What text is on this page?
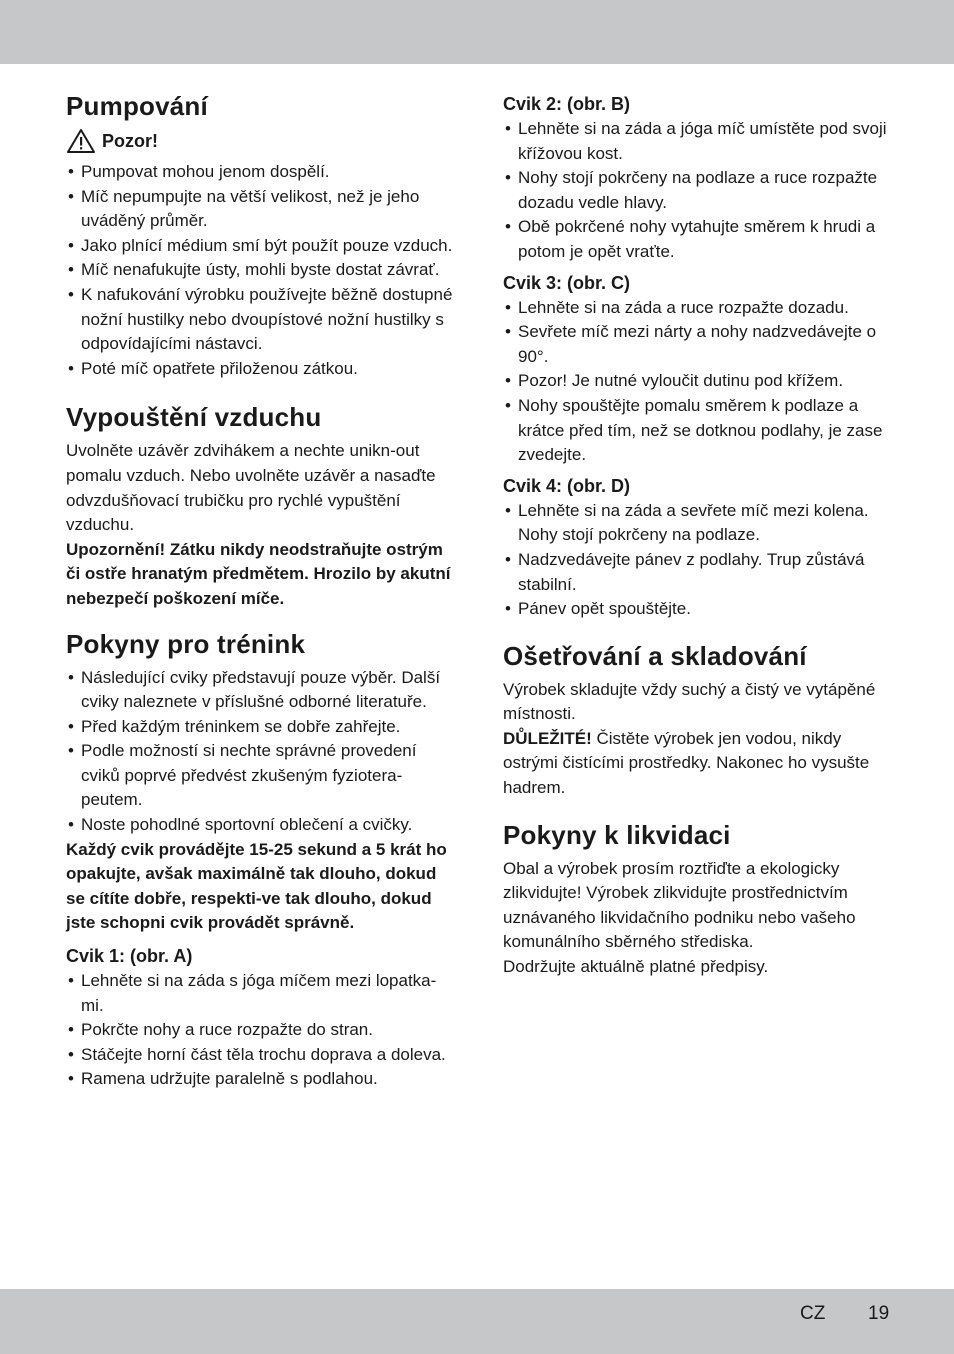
Pumpování
Pozor!
• Pumpovat mohou jenom dospělí.
• Míč nepumpujte na větší velikost, než je jeho uváděný průměr.
• Jako plnící médium smí být použít pouze vzduch.
• Míč nenafukujte ústy, mohli byste dostat závrať.
• K nafukování výrobku používejte běžně dostupné nožní hustilky nebo dvoupístové nožní hustilky s odpovídajícími nástavci.
• Poté míč opatřete přiloženou zátkou.
Vypouštění vzduchu

Uvolněte uzávěr zdvihákem a nechte unikn-out pomalu vzduch. Nebo uvolněte uzávěr a nasaďte odvzdušňovací trubičku pro rychlé vypuštění vzduchu.

Upozornění! Zátku nikdy neodstraňujte ostrým či ostře hranatým předmětem. Hrozilo by akutní nebezpečí poškození míče.

Pokyny pro trénink
• Následující cviky představují pouze výběr. Další cviky naleznete v příslušné odborné literatuře.
• Před každým tréninkem se dobře zahřejte.
• Podle možností si nechte správné provedení cviků poprvé předvést zkušeným fyziotera-peutem.
• Noste pohodlné sportovní oblečení a cvičky.

Každý cvik provádějte 15-25 sekund a 5 krát ho opakujte, avšak maximálně tak dlouho, dokud se cítíte dobře, respekti-ve tak dlouho, dokud jste schopni cvik provádět správně.

Cvik 1: (obr. A)
• Lehněte si na záda s jóga míčem mezi lopatka-mi.
• Pokrčte nohy a ruce rozpažte do stran.
• Stáčejte horní část těla trochu doprava a doleva.
• Ramena udržujte paralelně s podlahou.
Cvik 2: (obr. B)
• Lehněte si na záda a jóga míč umístěte pod svoji křížovou kost.
• Nohy stojí pokrčeny na podlaze a ruce rozpažte dozadu vedle hlavy.
• Obě pokrčené nohy vytahujte směrem k hrudi a potom je opět vraťte.
Cvik 3: (obr. C)
• Lehněte si na záda a ruce rozpažte dozadu.
• Sevřete míč mezi nárty a nohy nadzvedávejte o 90°.
• Pozor! Je nutné vyloučit dutinu pod křížem.
• Nohy spouštějte pomalu směrem k podlaze a krátce před tím, než se dotknou podlahy, je zase zvedejte.
Cvik 4: (obr. D)
• Lehněte si na záda a sevřete míč mezi kolena. Nohy stojí pokrčeny na podlaze.
• Nadzvedávejte pánev z podlahy. Trup zůstává stabilní.
• Pánev opět spouštějte.
Ošetřování a skladování

Výrobek skladujte vždy suchý a čistý ve vytápěné místnosti.

DŮLEŽITÉ! Čistěte výrobek jen vodou, nikdy ostrými čistícími prostředky. Nakonec ho vysušte hadrem.

Pokyny k likvidaci

Obal a výrobek prosím roztřiďte a ekologicky zlikvidujte! Výrobek zlikvidujte prostřednictvím uznávaného likvidačního podniku nebo vašeho komunálního sběrného střediska.

Dodržujte aktuálně platné předpisy.

CZ 19
